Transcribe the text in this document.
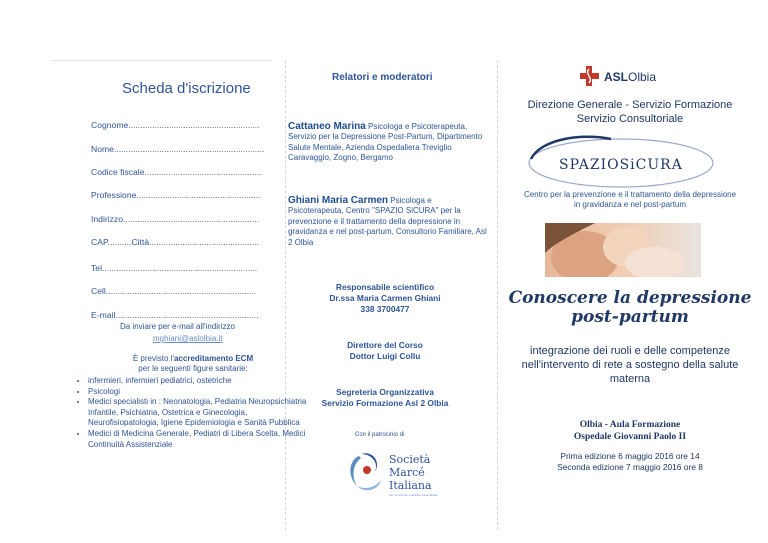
Scheda d'iscrizione
Cognome.......................................................
Nome...............................................................
Codice fiscale.................................................
Professione....................................................
Indirizzo.........................................................
CAP..........Città..............................................
Tel.................................................................
Cell...............................................................
E-mail............................................................
Da inviare per e-mail all'indirizzo
mghiani@aslolbia.it
È previsto l'accreditamento ECM
per le seguenti figure sanitarie:
• infermieri, infermieri pediatrici, ostetriche
• Psicologi
• Medici specialisti in : Neonatologia, Pediatria Neuropsichiatria Infantile, Psichiatria, Ostetrica e Ginecologia, Neurofisiopatologia, Igiene Epidemiologia e Sanità Pubblica
• Medici di Medicina Generale, Pediatri di Libera Scelta, Medici Continuità Assistenziale
Relatori e moderatori
Cattaneo Marina Psicologa e Psicoterapeuta,
Servizio per la Depressione Post-Partum, Dipartimento Salute Mentale, Azienda Ospedaliera Treviglio Caravaggio, Zogno, Bergamo
Ghiani Maria Carmen Psicologa e
Psicoterapeuta, Centro "SPAZIO SiCURA" per la prevenzione e il trattamento della depressione in gravidanza e nel post-partum, Consultorio Familiare, Asl 2 Olbia
Responsabile scientifico
Dr.ssa Maria Carmen Ghiani
338 3700477
Direttore del Corso
Dottor Luigi Collu
Segreteria Organizzativa
Servizio Formazione Asl 2 Olbia
Con il patrocinio di
Società
Marcé
Italiana
per la salute mentale perinatale
ASLOlbia
Direzione Generale - Servizio Formazione
Servizio Consultoriale
SPAZIOSiCURA
Centro per la prevenzione e il trattamento della depressione
in gravidanza e nel post-partum
Conoscere la depressione
post-partum
integrazione dei ruoli e delle competenze nell'intervento di rete a sostegno della salute materna
Olbia - Aula Formazione
Ospedale Giovanni Paolo II
Prima edizione 6 maggio 2016 ore 14
Seconda edizione 7 maggio 2016 ore 8
